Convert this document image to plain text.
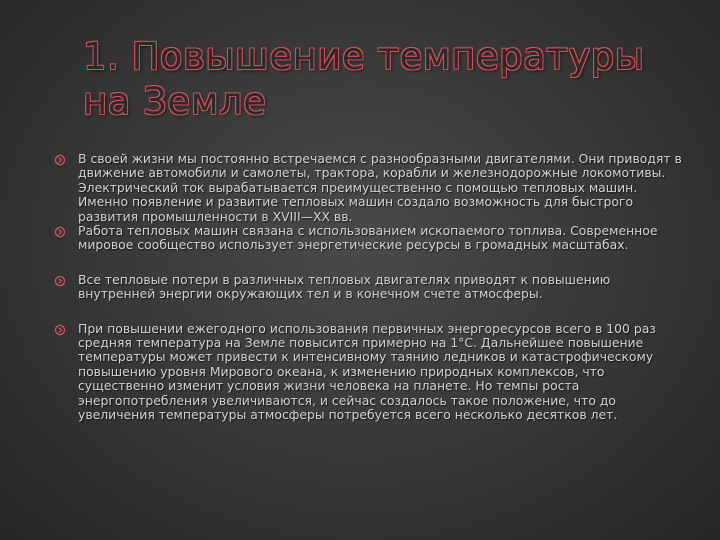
1. Повышение температуры на Земле
В своей жизни мы постоянно встречаемся с разнообразными двигателями. Они приводят в движение автомобили и самолеты, трактора, корабли и железнодорожные локомотивы. Электрический ток вырабатывается преимущественно с помощью тепловых машин. Именно появление и развитие тепловых машин создало возможность для быстрого развития промышленности в XVIII—XX вв.
Работа тепловых машин связана с использованием ископаемого топлива. Современное мировое сообщество использует энергетические ресурсы в громадных масштабах.
Все тепловые потери в различных тепловых двигателях приводят к повышению внутренней энергии окружающих тел и в конечном счете атмосферы.
При повышении ежегодного использования первичных энергоресурсов всего в 100 раз средняя температура на Земле повысится примерно на 1°С. Дальнейшее повышение температуры может привести к интенсивному таянию ледников и катастрофическому повышению уровня Мирового океана, к изменению природных комплексов, что существенно изменит условия жизни человека на планете. Но темпы роста энергопотребления увеличиваются, и сейчас создалось такое положение, что до увеличения температуры атмосферы потребуется всего несколько десятков лет.
